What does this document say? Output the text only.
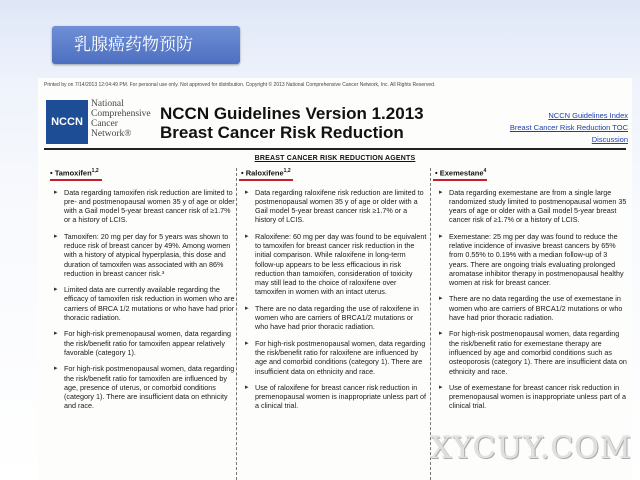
乳腺癌药物预防
Printed by on 7/14/2013 12:04:49 PM. For personal use only. Not approved for distribution. Copyright © 2013 National Comprehensive Cancer Network, Inc. All Rights Reserved.
NCCN
National
Comprehensive
Cancer
Network®
NCCN Guidelines Version 1.2013
Breast Cancer Risk Reduction
NCCN Guidelines Index
Breast Cancer Risk Reduction TOC
Discussion
BREAST CANCER RISK REDUCTION AGENTS
• Tamoxifen$^{1,2}$
▸ Data regarding tamoxifen risk reduction are limited to pre- and postmenopausal women 35 y of age or older with a Gail model 5-year breast cancer risk of ≥1.7% or a history of LCIS.
▸ Tamoxifen: 20 mg per day for 5 years was shown to reduce risk of breast cancer by 49%. Among women with a history of atypical hyperplasia, this dose and duration of tamoxifen was associated with an 86% reduction in breast cancer risk.³
▸ Limited data are currently available regarding the efficacy of tamoxifen risk reduction in women who are carriers of BRCA 1/2 mutations or who have had prior thoracic radiation.
▸ For high-risk premenopausal women, data regarding the risk/benefit ratio for tamoxifen appear relatively favorable (category 1).
▸ For high-risk postmenopausal women, data regarding the risk/benefit ratio for tamoxifen are influenced by age, presence of uterus, or comorbid conditions (category 1). There are insufficient data on ethnicity and race.
• Raloxifene$^{1,2}$
▸ Data regarding raloxifene risk reduction are limited to postmenopausal women 35 y of age or older with a Gail model 5-year breast cancer risk ≥1.7% or a history of LCIS.
▸ Raloxifene: 60 mg per day was found to be equivalent to tamoxifen for breast cancer risk reduction in the initial comparison. While raloxifene in long-term follow-up appears to be less efficacious in risk reduction than tamoxifen, consideration of toxicity may still lead to the choice of raloxifene over tamoxifen in women with an intact uterus.
▸ There are no data regarding the use of raloxifene in women who are carriers of BRCA1/2 mutations or who have had prior thoracic radiation.
▸ For high-risk postmenopausal women, data regarding the risk/benefit ratio for raloxifene are influenced by age and comorbid conditions (category 1). There are insufficient data on ethnicity and race.
▸ Use of raloxifene for breast cancer risk reduction in premenopausal women is inappropriate unless part of a clinical trial.
• Exemestane$^4$
▸ Data regarding exemestane are from a single large randomized study limited to postmenopausal women 35 years of age or older with a Gail model 5-year breast cancer risk of ≥1.7% or a history of LCIS.
▸ Exemestane: 25 mg per day was found to reduce the relative incidence of invasive breast cancers by 65% from 0.55% to 0.19% with a median follow-up of 3 years. There are ongoing trials evaluating prolonged aromatase inhibitor therapy in postmenopausal healthy women at risk for breast cancer.
▸ There are no data regarding the use of exemestane in women who are carriers of BRCA1/2 mutations or who have had prior thoracic radiation.
▸ For high-risk postmenopausal women, data regarding the risk/benefit ratio for exemestane therapy are influenced by age and comorbid conditions such as osteoporosis (category 1). There are insufficient data on ethnicity and race.
▸ Use of exemestane for breast cancer risk reduction in premenopausal women is inappropriate unless part of a clinical trial.
XYCUY.COM
